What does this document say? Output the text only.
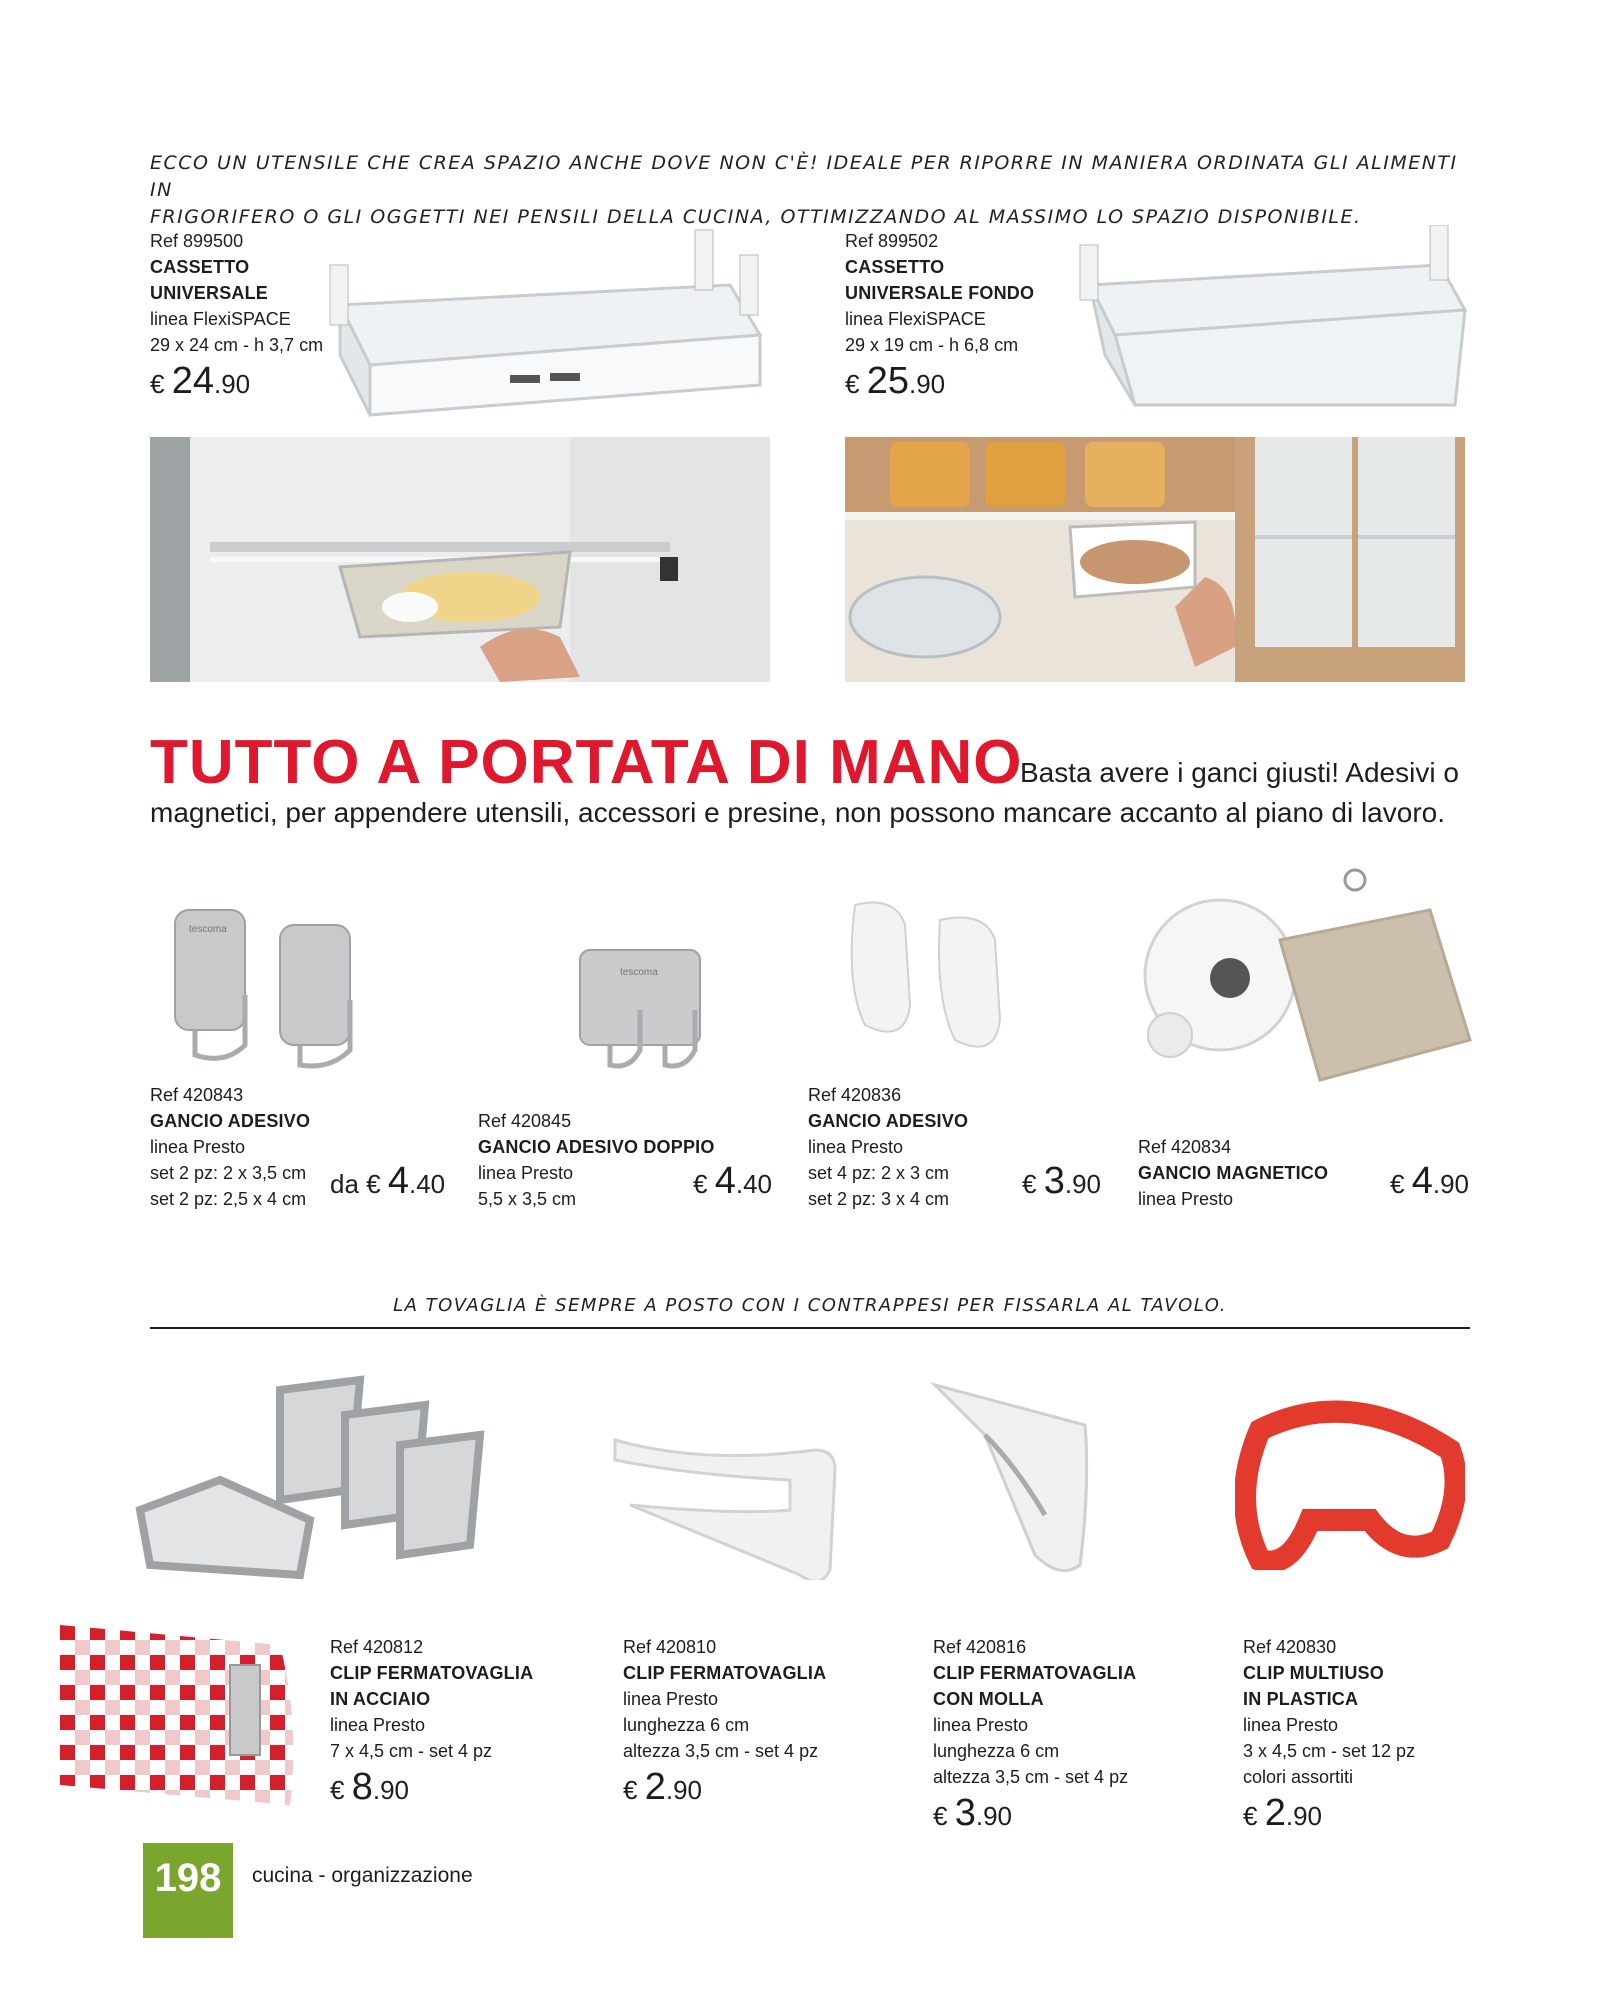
ECCO UN UTENSILE CHE CREA SPAZIO ANCHE DOVE NON C'È! IDEALE PER RIPORRE IN MANIERA ORDINATA GLI ALIMENTI IN
FRIGORIFERO O GLI OGGETTI NEI PENSILI DELLA CUCINA, OTTIMIZZANDO AL MASSIMO LO SPAZIO DISPONIBILE.
Ref 899500
CASSETTO
UNIVERSALE
linea FlexiSPACE
29 x 24 cm - h 3,7 cm
€ 24.90
Ref 899502
CASSETTO
UNIVERSALE FONDO
linea FlexiSPACE
29 x 19 cm - h 6,8 cm
€ 25.90
TUTTO A PORTATA DI MANO
Basta avere i ganci giusti! Adesivi o
magnetici, per appendere utensili, accessori e presine, non possono mancare accanto al piano di lavoro.
tescoma
tescoma
Ref 420843
GANCIO ADESIVO
linea Presto
set 2 pz: 2 x 3,5 cm
set 2 pz: 2,5 x 4 cm da € 4.40
Ref 420845
GANCIO ADESIVO DOPPIO
linea Presto
5,5 x 3,5 cm	€ 4.40
Ref 420836
GANCIO ADESIVO
linea Presto
set 4 pz: 2 x 3 cm
set 2 pz: 3 x 4 cm	€ 3.90
Ref 420834
GANCIO MAGNETICO
linea Presto	€ 4.90
LA TOVAGLIA È SEMPRE A POSTO CON I CONTRAPPESI PER FISSARLA AL TAVOLO.
Ref 420812
CLIP FERMATOVAGLIA
IN ACCIAIO
linea Presto
7 x 4,5 cm - set 4 pz
€ 8.90
Ref 420810
CLIP FERMATOVAGLIA
linea Presto
lunghezza 6 cm
altezza 3,5 cm - set 4 pz
€ 2.90
Ref 420816
CLIP FERMATOVAGLIA
CON MOLLA
linea Presto
lunghezza 6 cm
altezza 3,5 cm - set 4 pz
€ 3.90
Ref 420830
CLIP MULTIUSO
IN PLASTICA
linea Presto
3 x 4,5 cm - set 12 pz
colori assortiti
€ 2.90
198	cucina - organizzazione
